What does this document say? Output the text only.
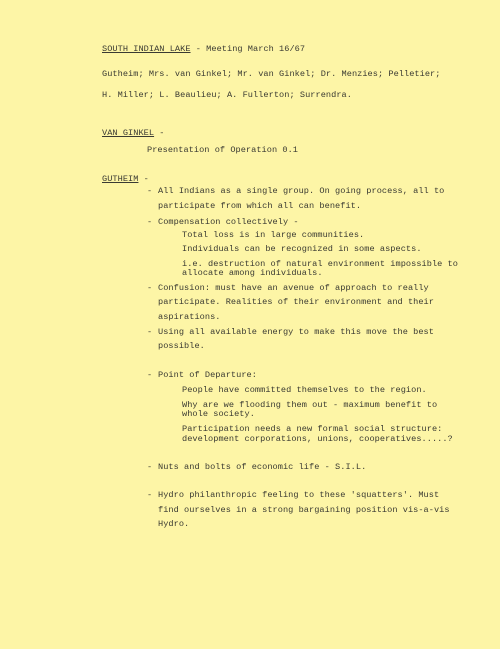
SOUTH INDIAN LAKE - Meeting March 16/67
Gutheim; Mrs. van Ginkel; Mr. van Ginkel; Dr. Menzies; Pelletier;
H. Miller; L. Beaulieu; A. Fullerton; Surrendra.
VAN GINKEL -
Presentation of Operation 0.1
GUTHEIM -
- All Indians as a single group. On going process, all to
participate from which all can benefit.
- Compensation collectively -
Total loss is in large communities.
Individuals can be recognized in some aspects.
i.e. destruction of natural environment impossible to
allocate among individuals.
- Confusion: must have an avenue of approach to really
participate. Realities of their environment and their
aspirations.
- Using all available energy to make this move the best
possible.
- Point of Departure:
People have committed themselves to the region.
Why are we flooding them out - maximum benefit to
whole society.
Participation needs a new formal social structure:
development corporations, unions, cooperatives.....?
- Nuts and bolts of economic life - S.I.L.
- Hydro philanthropic feeling to these 'squatters'. Must
find ourselves in a strong bargaining position vis-a-vis
Hydro.
